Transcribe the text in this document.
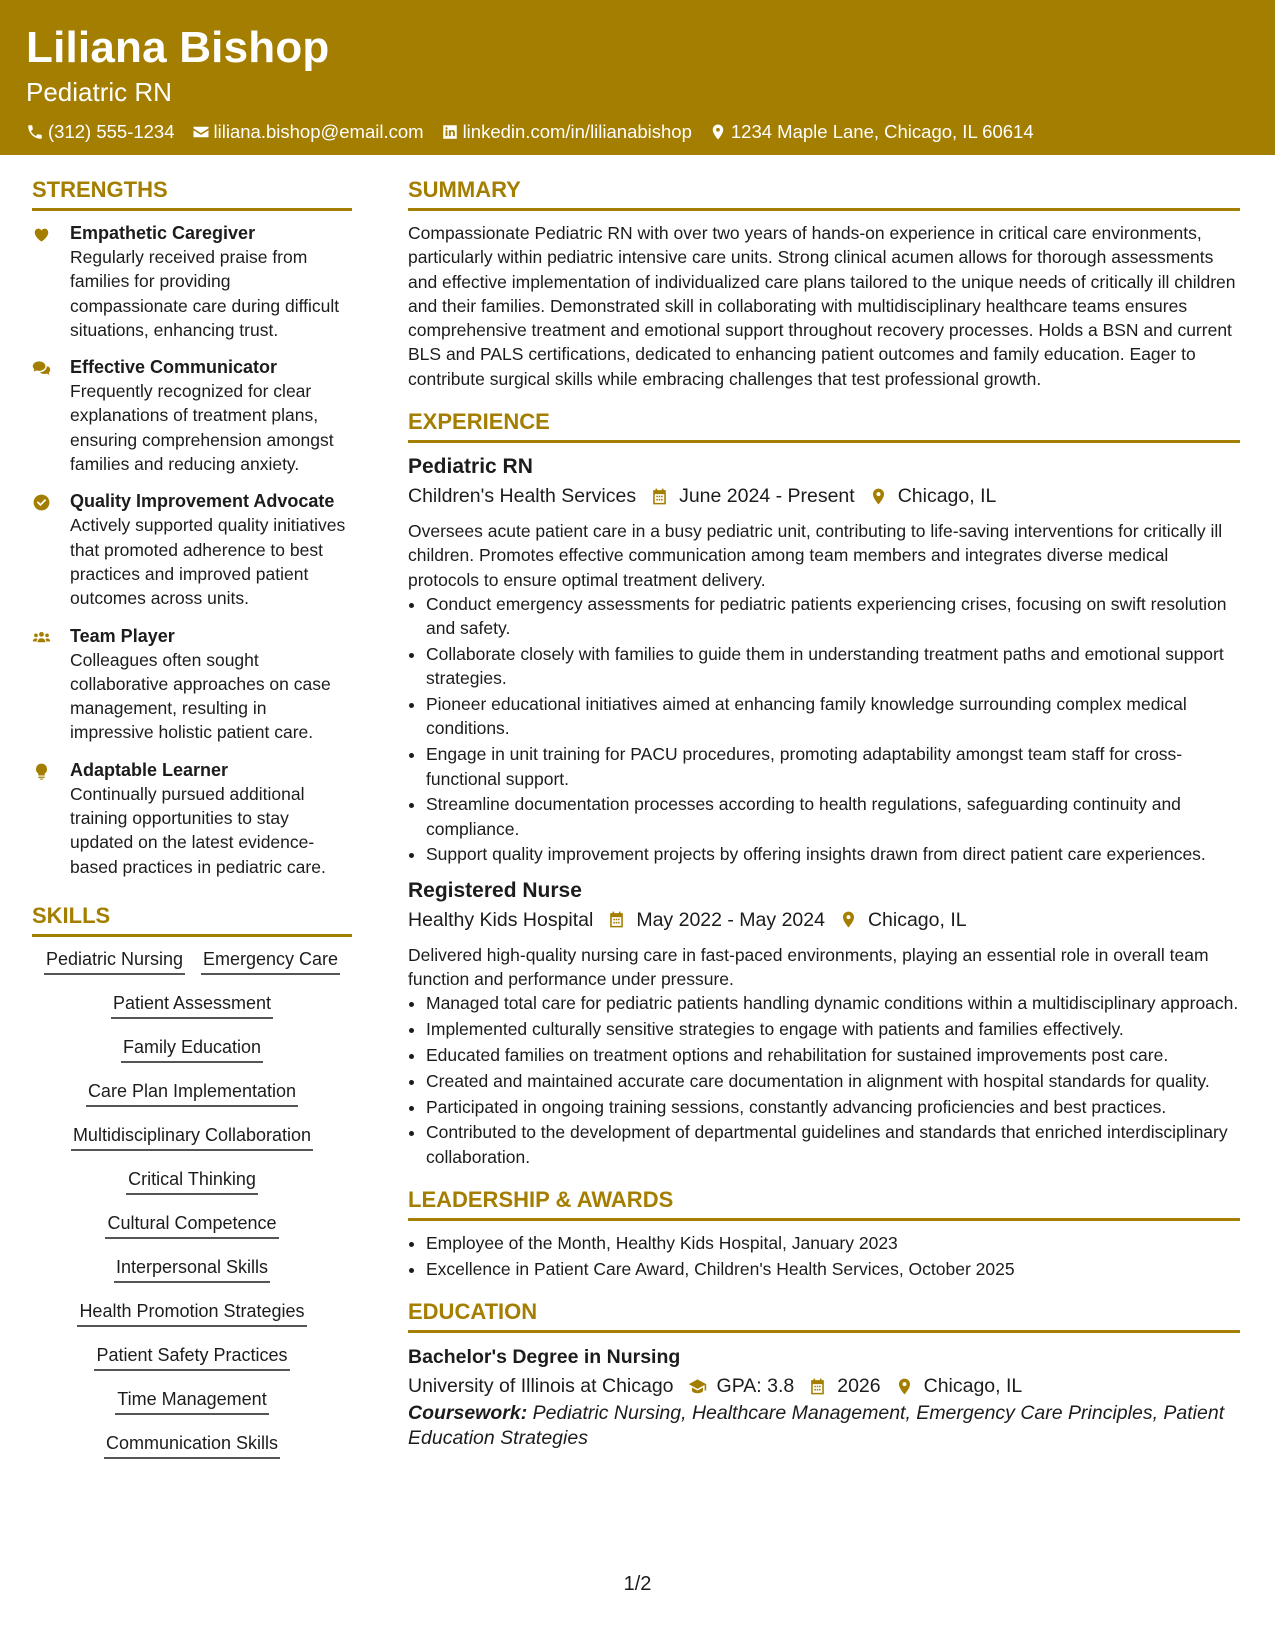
Liliana Bishop
Pediatric RN
(312) 555-1234 liliana.bishop@email.com linkedin.com/in/lilianabishop 1234 Maple Lane, Chicago, IL 60614
STRENGTHS
Empathetic Caregiver
Regularly received praise from families for providing compassionate care during difficult situations, enhancing trust.
Effective Communicator
Frequently recognized for clear explanations of treatment plans, ensuring comprehension amongst families and reducing anxiety.
Quality Improvement Advocate
Actively supported quality initiatives that promoted adherence to best practices and improved patient outcomes across units.
Team Player
Colleagues often sought collaborative approaches on case management, resulting in impressive holistic patient care.
Adaptable Learner
Continually pursued additional training opportunities to stay updated on the latest evidence-based practices in pediatric care.
SKILLS
Pediatric Nursing Emergency Care
Patient Assessment
Family Education
Care Plan Implementation
Multidisciplinary Collaboration
Critical Thinking
Cultural Competence
Interpersonal Skills
Health Promotion Strategies
Patient Safety Practices
Time Management
Communication Skills
SUMMARY

Compassionate Pediatric RN with over two years of hands-on experience in critical care environments, particularly within pediatric intensive care units. Strong clinical acumen allows for thorough assessments and effective implementation of individualized care plans tailored to the unique needs of critically ill children and their families. Demonstrated skill in collaborating with multidisciplinary healthcare teams ensures comprehensive treatment and emotional support throughout recovery processes. Holds a BSN and current BLS and PALS certifications, dedicated to enhancing patient outcomes and family education. Eager to contribute surgical skills while embracing challenges that test professional growth.

EXPERIENCE
Pediatric RN
Children's Health Services June 2024 - Present Chicago, IL

Oversees acute patient care in a busy pediatric unit, contributing to life-saving interventions for critically ill children. Promotes effective communication among team members and integrates diverse medical protocols to ensure optimal treatment delivery.

• Conduct emergency assessments for pediatric patients experiencing crises, focusing on swift resolution and safety.
• Collaborate closely with families to guide them in understanding treatment paths and emotional support strategies.
• Pioneer educational initiatives aimed at enhancing family knowledge surrounding complex medical conditions.
• Engage in unit training for PACU procedures, promoting adaptability amongst team staff for cross-functional support.
• Streamline documentation processes according to health regulations, safeguarding continuity and compliance.
• Support quality improvement projects by offering insights drawn from direct patient care experiences.
Registered Nurse
Healthy Kids Hospital May 2022 - May 2024 Chicago, IL

Delivered high-quality nursing care in fast-paced environments, playing an essential role in overall team function and performance under pressure.

• Managed total care for pediatric patients handling dynamic conditions within a multidisciplinary approach.
• Implemented culturally sensitive strategies to engage with patients and families effectively.
• Educated families on treatment options and rehabilitation for sustained improvements post care.
• Created and maintained accurate care documentation in alignment with hospital standards for quality.
• Participated in ongoing training sessions, constantly advancing proficiencies and best practices.
• Contributed to the development of departmental guidelines and standards that enriched interdisciplinary collaboration.
LEADERSHIP & AWARDS
• Employee of the Month, Healthy Kids Hospital, January 2023
• Excellence in Patient Care Award, Children's Health Services, October 2025
EDUCATION
Bachelor's Degree in Nursing
University of Illinois at Chicago GPA: 3.8 2026 Chicago, IL
Coursework: Pediatric Nursing, Healthcare Management, Emergency Care Principles, Patient Education Strategies
1/2
